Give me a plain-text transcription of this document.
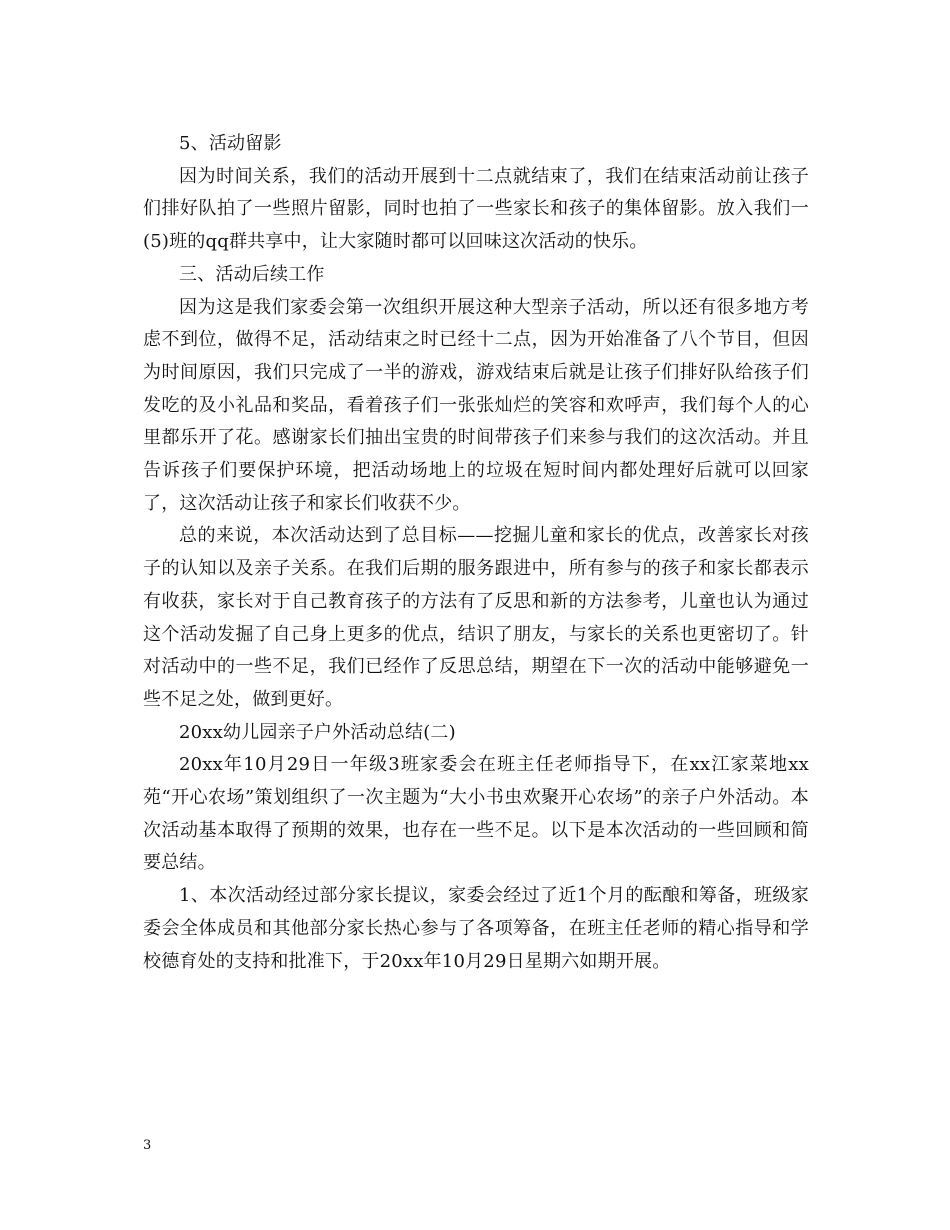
5、活动留影

因为时间关系，我们的活动开展到十二点就结束了，我们在结束活动前让孩子们排好队拍了一些照片留影，同时也拍了一些家长和孩子的集体留影。放入我们一(5)班的qq群共享中，让大家随时都可以回味这次活动的快乐。

三、活动后续工作

因为这是我们家委会第一次组织开展这种大型亲子活动，所以还有很多地方考虑不到位，做得不足，活动结束之时已经十二点，因为开始准备了八个节目，但因为时间原因，我们只完成了一半的游戏，游戏结束后就是让孩子们排好队给孩子们发吃的及小礼品和奖品，看着孩子们一张张灿烂的笑容和欢呼声，我们每个人的心里都乐开了花。感谢家长们抽出宝贵的时间带孩子们来参与我们的这次活动。并且告诉孩子们要保护环境，把活动场地上的垃圾在短时间内都处理好后就可以回家了，这次活动让孩子和家长们收获不少。

总的来说，本次活动达到了总目标——挖掘儿童和家长的优点，改善家长对孩子的认知以及亲子关系。在我们后期的服务跟进中，所有参与的孩子和家长都表示有收获，家长对于自己教育孩子的方法有了反思和新的方法参考，儿童也认为通过这个活动发掘了自己身上更多的优点，结识了朋友，与家长的关系也更密切了。针对活动中的一些不足，我们已经作了反思总结，期望在下一次的活动中能够避免一些不足之处，做到更好。

20xx幼儿园亲子户外活动总结(二)

20xx年10月29日一年级3班家委会在班主任老师指导下，在xx江家菜地xx苑“开心农场”策划组织了一次主题为“大小书虫欢聚开心农场”的亲子户外活动。本次活动基本取得了预期的效果，也存在一些不足。以下是本次活动的一些回顾和简要总结。

1、本次活动经过部分家长提议，家委会经过了近1个月的酝酿和筹备，班级家委会全体成员和其他部分家长热心参与了各项筹备，在班主任老师的精心指导和学校德育处的支持和批准下，于20xx年10月29日星期六如期开展。

3
